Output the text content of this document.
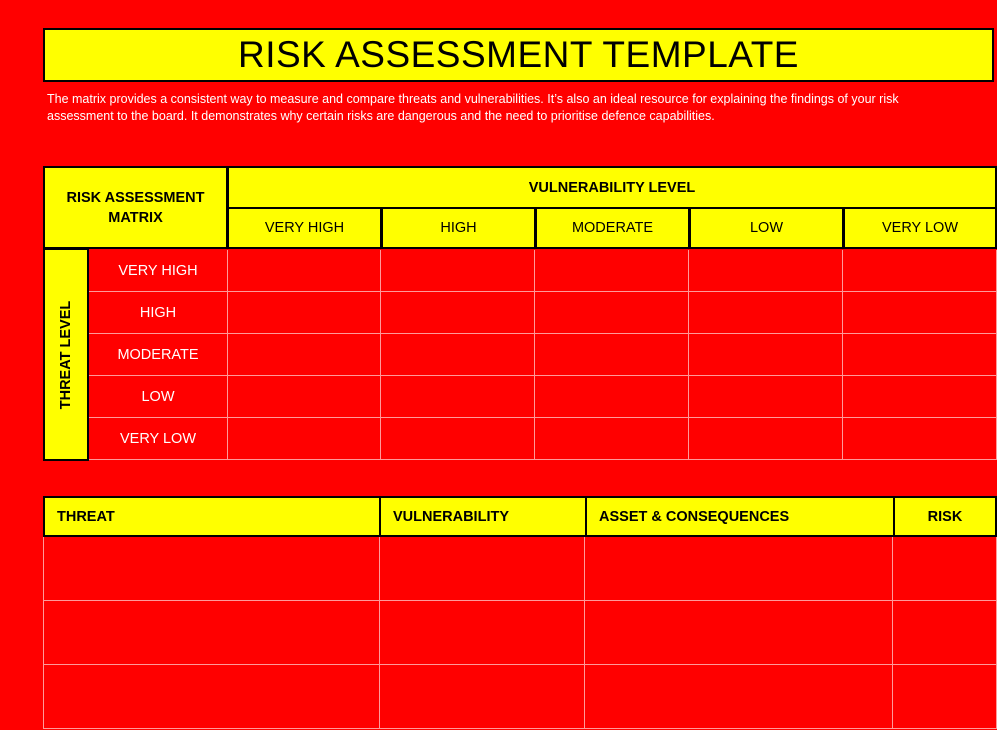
RISK ASSESSMENT TEMPLATE
The matrix provides a consistent way to measure and compare threats and vulnerabilities. It’s also an ideal resource for explaining the findings of your risk assessment to the board. It demonstrates why certain risks are dangerous and the need to prioritise defence capabilities.
RISK ASSESSMENT MATRIX
VULNERABILITY LEVEL
VERY HIGH	HIGH	MODERATE	LOW	VERY LOW
THREAT LEVEL
VERY HIGH
HIGH
MODERATE
LOW
VERY LOW
THREAT	VULNERABILITY	ASSET & CONSEQUENCES	RISK
